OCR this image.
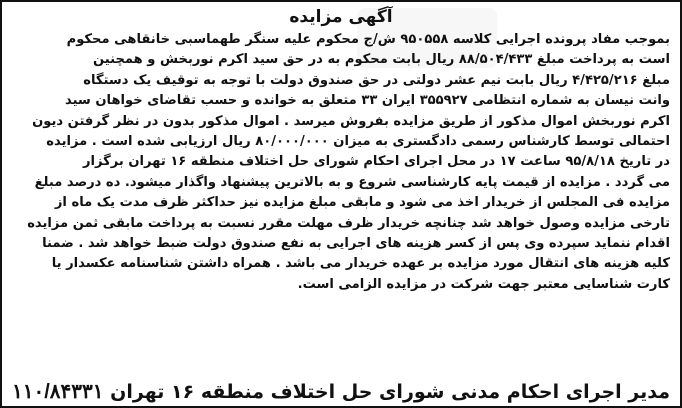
آگهی مزایده
بموجب مفاد پرونده اجرایی کلاسه ۹۵۰۵۵۸ ش/ج محکوم علیه سنگر طهماسبی خانقاهی محکوم
است به پرداخت مبلغ ۸۸/۵۰۴/۴۳۳ ریال بابت محکوم به در حق سید اکرم نوربخش و همچنین
مبلغ ۴/۴۲۵/۲۱۶ ریال بابت نیم عشر دولتی در حق صندوق دولت با توجه به توقیف یک دستگاه
وانت نیسان به شماره انتظامی ۳۵۵۹۲۷ ایران ۳۳ متعلق به خوانده و حسب تقاضای خواهان سید
اکرم نوربخش اموال مذکور از طریق مزایده بفروش میرسد . اموال مذکور بدون در نظر گرفتن دیون
احتمالی توسط کارشناس رسمی دادگستری به میزان ۸۰/۰۰۰/۰۰۰ ریال ارزیابی شده است . مزایده
در تاریخ ۹۵/۸/۱۸ ساعت ۱۷ در محل اجرای احکام شورای حل اختلاف منطقه ۱۶ تهران برگزار
می گردد . مزایده از قیمت پایه کارشناسی شروع و به بالاترین پیشنهاد واگذار میشود. ده درصد مبلغ
مزایده فی المجلس از خریدار اخذ می شود و مابقی مبلغ مزایده نیز حداکثر ظرف مدت یک ماه از
تارخی مزایده وصول خواهد شد چنانچه خریدار ظرف مهلت مقرر نسبت به پرداخت مابقی ثمن مزایده
اقدام ننماید سپرده وی پس از کسر هزینه های اجرایی به نفع صندوق دولت ضبط خواهد شد . ضمنا
کلیه هزینه های انتقال مورد مزایده بر عهده خریدار می باشد . همراه داشتن شناسنامه عکسدار یا
کارت شناسایی معتبر جهت شرکت در مزایده الزامی است.
مدیر اجرای احکام مدنی شورای حل اختلاف منطقه ۱۶ تهران
۱۱۰/۸۴۳۳۱
